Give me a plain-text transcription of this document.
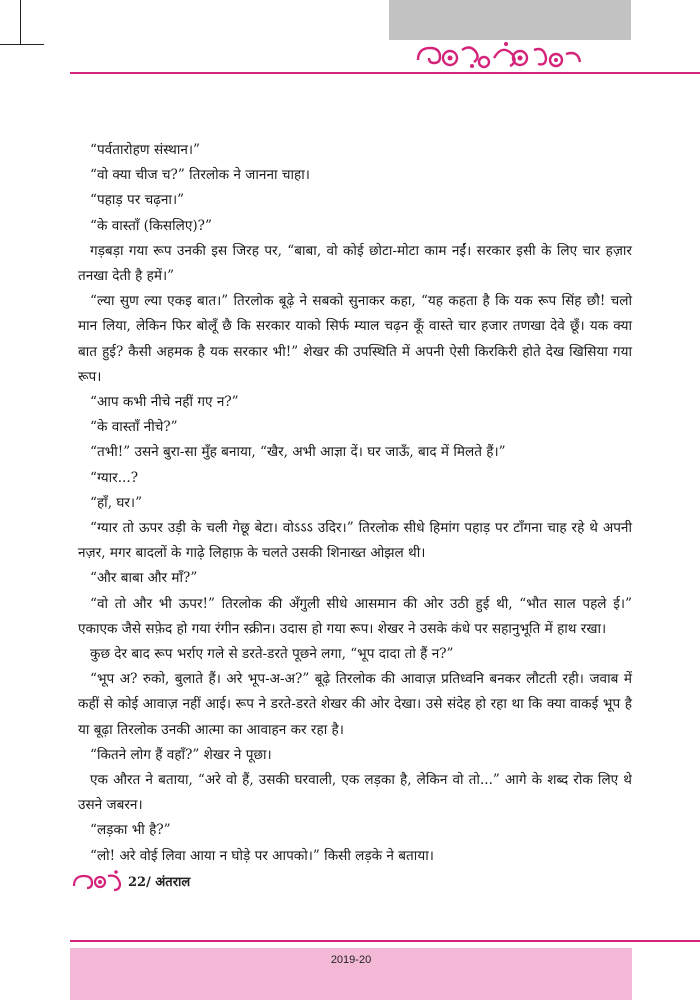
“पर्वतारोहण संस्थान।”

“वो क्या चीज च?” तिरलोक ने जानना चाहा।

“पहाड़ पर चढ़ना।”

“के वास्ताँ (किसलिए)?”

गड़बड़ा गया रूप उनकी इस जिरह पर, “बाबा, वो कोई छोटा-मोटा काम नईं। सरकार इसी के लिए चार हज़ार तनखा देती है हमें।”

“ल्या सुण ल्या एकइ बात।” तिरलोक बूढ़े ने सबको सुनाकर कहा, “यह कहता है कि यक रूप सिंह छौ! चलो मान लिया, लेकिन फिर बोलूँ छै कि सरकार याको सिर्फ म्याल चढ़न कूँ वास्ते चार हजार तणखा देवे छूँ। यक क्या बात हुई? कैसी अहमक है यक सरकार भी!” शेखर की उपस्थिति में अपनी ऐसी किरकिरी होते देख खिसिया गया रूप।

“आप कभी नीचे नहीं गए न?”

“के वास्ताँ नीचे?”

“तभी!” उसने बुरा-सा मुँह बनाया, “खैर, अभी आज्ञा दें। घर जाऊँ, बाद में मिलते हैं।”

“ग्यार...?

“हाँ, घर।”

“ग्यार तो ऊपर उड़ी के चली गेछू बेटा। वोऽऽऽ उदिर।” तिरलोक सीधे हिमांग पहाड़ पर टाँगना चाह रहे थे अपनी नज़र, मगर बादलों के गाढ़े लिहाफ़ के चलते उसकी शिनाख्त ओझल थी।

“और बाबा और माँ?”

“वो तो और भी ऊपर!” तिरलोक की अँगुली सीधे आसमान की ओर उठी हुई थी, “भौत साल पहले ई।” एकाएक जैसे सफ़ेद हो गया रंगीन स्क्रीन। उदास हो गया रूप। शेखर ने उसके कंधे पर सहानुभूति में हाथ रखा।

कुछ देर बाद रूप भर्राए गले से डरते-डरते पूछने लगा, “भूप दादा तो हैं न?”

“भूप अ? रुको, बुलाते हैं। अरे भूप-अ-अ?” बूढ़े तिरलोक की आवाज़ प्रतिध्वनि बनकर लौटती रही। जवाब में कहीं से कोई आवाज़ नहीं आई। रूप ने डरते-डरते शेखर की ओर देखा। उसे संदेह हो रहा था कि क्या वाकई भूप है या बूढ़ा तिरलोक उनकी आत्मा का आवाहन कर रहा है।

“कितने लोग हैं वहाँ?” शेखर ने पूछा।

एक औरत ने बताया, “अरे वो हैं, उसकी घरवाली, एक लड़का है, लेकिन वो तो...” आगे के शब्द रोक लिए थे उसने जबरन।

“लड़का भी है?”

“लो! अरे वोई लिवा आया न घोड़े पर आपको।” किसी लड़के ने बताया।

22/ अंतराल
2019-20
